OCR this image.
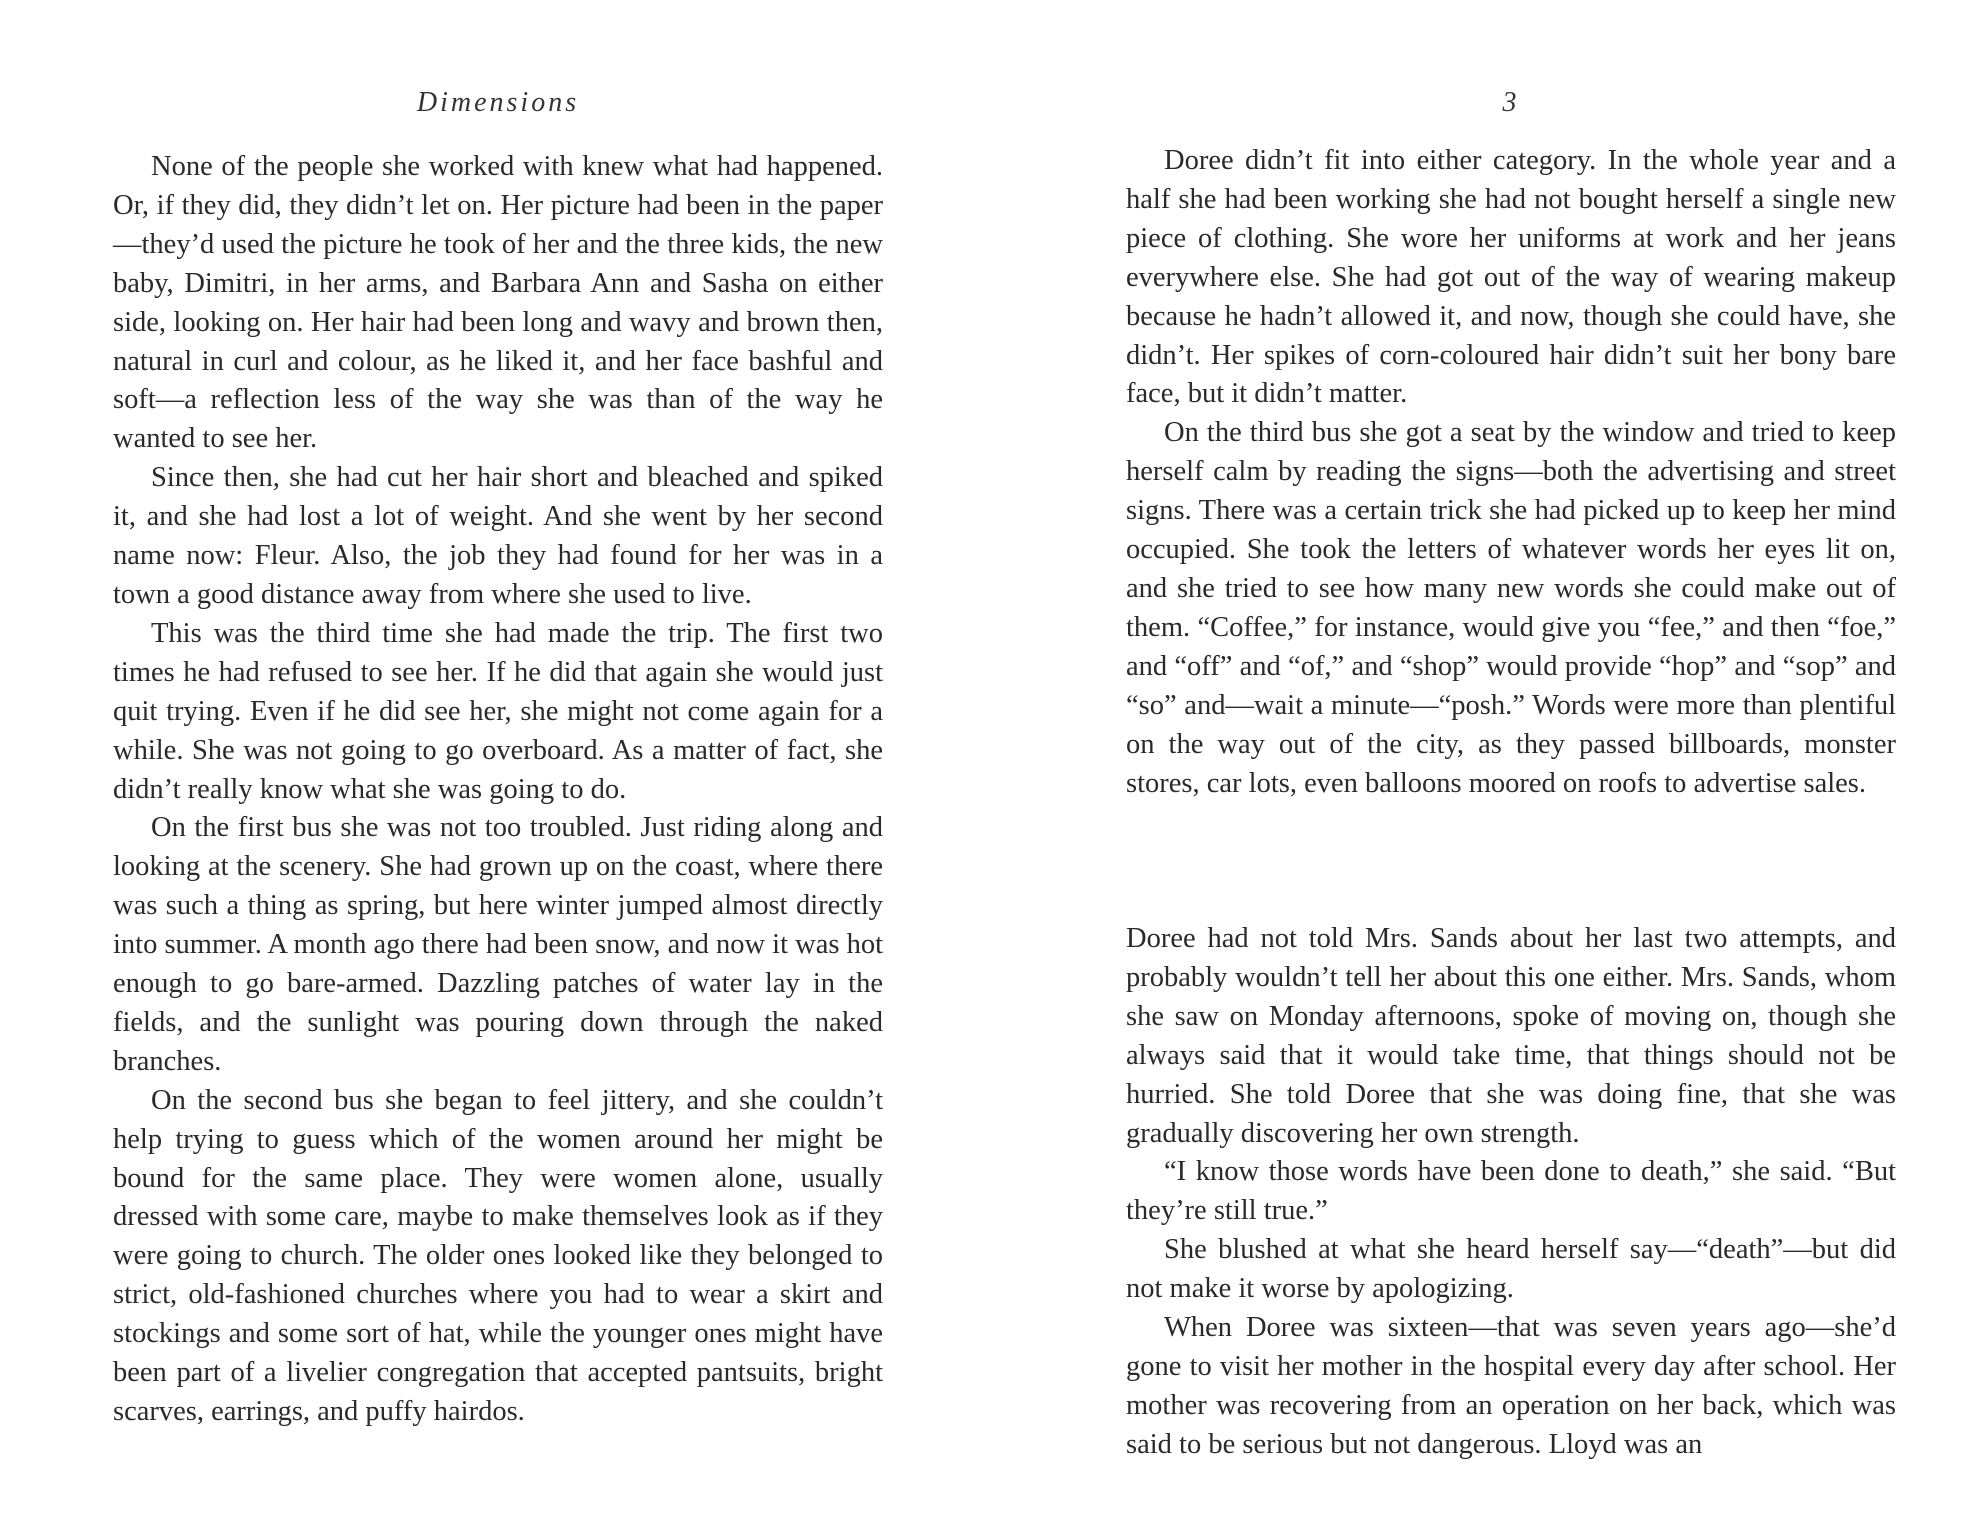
Dimensions

None of the people she worked with knew what had happened. Or, if they did, they didn’t let on. Her picture had been in the paper—they’d used the picture he took of her and the three kids, the new baby, Dimitri, in her arms, and Barbara Ann and Sasha on either side, looking on. Her hair had been long and wavy and brown then, natural in curl and colour, as he liked it, and her face bashful and soft—a reflection less of the way she was than of the way he wanted to see her.

Since then, she had cut her hair short and bleached and spiked it, and she had lost a lot of weight. And she went by her second name now: Fleur. Also, the job they had found for her was in a town a good distance away from where she used to live.

This was the third time she had made the trip. The first two times he had refused to see her. If he did that again she would just quit trying. Even if he did see her, she might not come again for a while. She was not going to go overboard. As a matter of fact, she didn’t really know what she was going to do.

On the first bus she was not too troubled. Just riding along and looking at the scenery. She had grown up on the coast, where there was such a thing as spring, but here winter jumped almost directly into summer. A month ago there had been snow, and now it was hot enough to go bare-armed. Dazzling patches of water lay in the fields, and the sunlight was pouring down through the naked branches.

On the second bus she began to feel jittery, and she couldn’t help trying to guess which of the women around her might be bound for the same place. They were women alone, usually dressed with some care, maybe to make themselves look as if they were going to church. The older ones looked like they belonged to strict, old-fashioned churches where you had to wear a skirt and stockings and some sort of hat, while the younger ones might have been part of a livelier congregation that accepted pantsuits, bright scarves, earrings, and puffy hairdos.

3

Doree didn’t fit into either category. In the whole year and a half she had been working she had not bought herself a single new piece of clothing. She wore her uniforms at work and her jeans everywhere else. She had got out of the way of wearing makeup because he hadn’t allowed it, and now, though she could have, she didn’t. Her spikes of corn-coloured hair didn’t suit her bony bare face, but it didn’t matter.

On the third bus she got a seat by the window and tried to keep herself calm by reading the signs—both the advertising and street signs. There was a certain trick she had picked up to keep her mind occupied. She took the letters of whatever words her eyes lit on, and she tried to see how many new words she could make out of them. “Coffee,” for instance, would give you “fee,” and then “foe,” and “off” and “of,” and “shop” would provide “hop” and “sop” and “so” and—wait a minute—“posh.” Words were more than plentiful on the way out of the city, as they passed billboards, monster stores, car lots, even balloons moored on roofs to advertise sales.

Doree had not told Mrs. Sands about her last two attempts, and probably wouldn’t tell her about this one either. Mrs. Sands, whom she saw on Monday afternoons, spoke of moving on, though she always said that it would take time, that things should not be hurried. She told Doree that she was doing fine, that she was gradually discovering her own strength.

“I know those words have been done to death,” she said. “But they’re still true.”

She blushed at what she heard herself say—“death”—but did not make it worse by apologizing.

When Doree was sixteen—that was seven years ago—she’d gone to visit her mother in the hospital every day after school. Her mother was recovering from an operation on her back, which was said to be serious but not dangerous. Lloyd was an
